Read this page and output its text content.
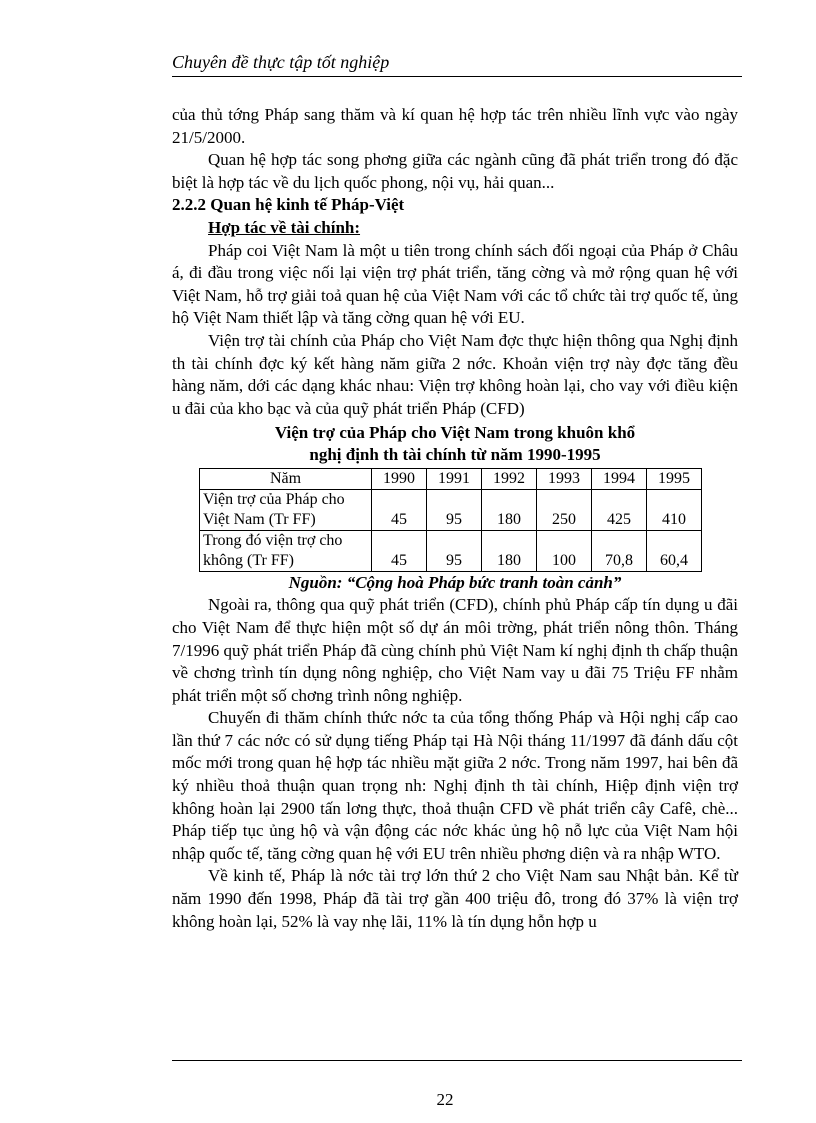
Chuyên đề thực tập tốt nghiệp

của thủ tớng Pháp sang thăm và kí quan hệ hợp tác trên nhiều lĩnh vực vào ngày 21/5/2000.

Quan hệ hợp tác song phơng giữa các ngành cũng đã phát triển trong đó đặc biệt là hợp tác về du lịch quốc phong, nội vụ, hải quan...

2.2.2 Quan hệ kinh tế Pháp-Việt

Hợp tác về tài chính:

Pháp coi Việt Nam là một u tiên trong chính sách đối ngoại của Pháp ở Châu á, đi đầu trong việc nối lại viện trợ phát triển, tăng cờng và mở rộng quan hệ với Việt Nam, hỗ trợ giải toả quan hệ của Việt Nam với các tổ chức tài trợ quốc tế, ủng hộ Việt Nam thiết lập và tăng cờng quan hệ với EU.

Viện trợ tài chính của Pháp cho Việt Nam đợc thực hiện thông qua Nghị định th tài chính đợc ký kết hàng năm giữa 2 nớc. Khoản viện trợ này đợc tăng đều hàng năm, dới các dạng khác nhau: Viện trợ không hoàn lại, cho vay với điều kiện u đãi của kho bạc và của quỹ phát triển Pháp (CFD)

Viện trợ của Pháp cho Việt Nam trong khuôn khổ
nghị định th tài chính từ năm 1990-1995
Năm	1990	1991	1992	1993	1994	1995

Viện trợ của Pháp cho
Việt Nam (Tr FF)	45	95	180	250	425	410

Trong đó viện trợ cho
không (Tr FF)	45	95	180	100	70,8	60,4

Nguồn: “Cộng hoà Pháp bức tranh toàn cảnh”

Ngoài ra, thông qua quỹ phát triển (CFD), chính phủ Pháp cấp tín dụng u đãi cho Việt Nam để thực hiện một số dự án môi trờng, phát triển nông thôn. Tháng 7/1996 quỹ phát triển Pháp đã cùng chính phủ Việt Nam kí nghị định th chấp thuận về chơng trình tín dụng nông nghiệp, cho Việt Nam vay u đãi 75 Triệu FF nhằm phát triển một số chơng trình nông nghiệp.

Chuyến đi thăm chính thức nớc ta của tổng thống Pháp và Hội nghị cấp cao lần thứ 7 các nớc có sử dụng tiếng Pháp tại Hà Nội tháng 11/1997 đã đánh dấu cột mốc mới trong quan hệ hợp tác nhiều mặt giữa 2 nớc. Trong năm 1997, hai bên đã ký nhiều thoả thuận quan trọng nh: Nghị định th tài chính, Hiệp định viện trợ không hoàn lại 2900 tấn lơng thực, thoả thuận CFD về phát triển cây Cafê, chè... Pháp tiếp tục ủng hộ và vận động các nớc khác ủng hộ nỗ lực của Việt Nam hội nhập quốc tế, tăng cờng quan hệ với EU trên nhiều phơng diện và ra nhập WTO.

Về kinh tế, Pháp là nớc tài trợ lớn thứ 2 cho Việt Nam sau Nhật bản. Kể từ năm 1990 đến 1998, Pháp đã tài trợ gần 400 triệu đô, trong đó 37% là viện trợ không hoàn lại, 52% là vay nhẹ lãi, 11% là tín dụng hỗn hợp u

22
